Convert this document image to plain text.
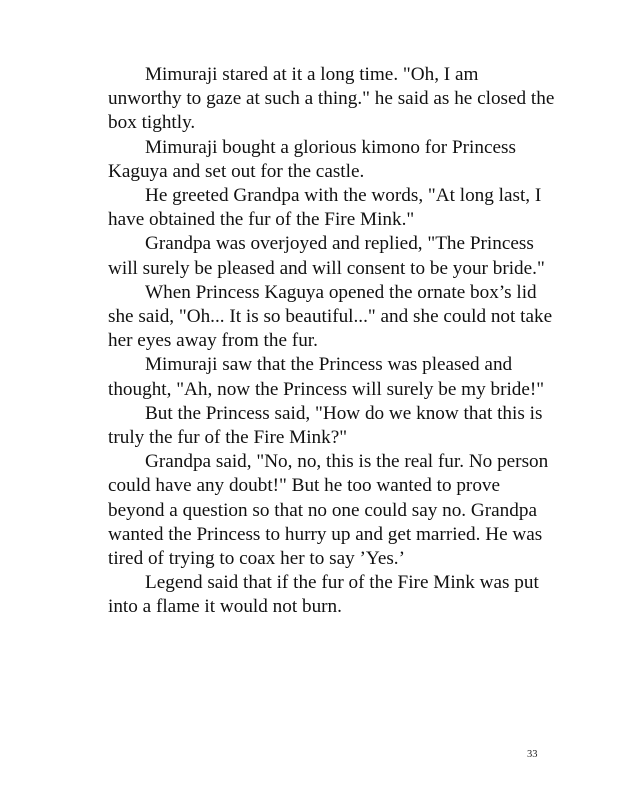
Mimuraji stared at it a long time. "Oh, I am unworthy to gaze at such a thing." he said as he closed the box tightly.

Mimuraji bought a glorious kimono for Princess Kaguya and set out for the castle.

He greeted Grandpa with the words, "At long last, I have obtained the fur of the Fire Mink."

Grandpa was overjoyed and replied, "The Princess will surely be pleased and will consent to be your bride."

When Princess Kaguya opened the ornate box’s lid she said, "Oh... It is so beautiful..." and she could not take her eyes away from the fur.

Mimuraji saw that the Princess was pleased and thought, "Ah, now the Princess will surely be my bride!"

But the Princess said, "How do we know that this is truly the fur of the Fire Mink?"

Grandpa said, "No, no, this is the real fur. No person could have any doubt!" But he too wanted to prove beyond a question so that no one could say no. Grandpa wanted the Princess to hurry up and get married. He was tired of trying to coax her to say ’Yes.’

Legend said that if the fur of the Fire Mink was put into a flame it would not burn.

33
